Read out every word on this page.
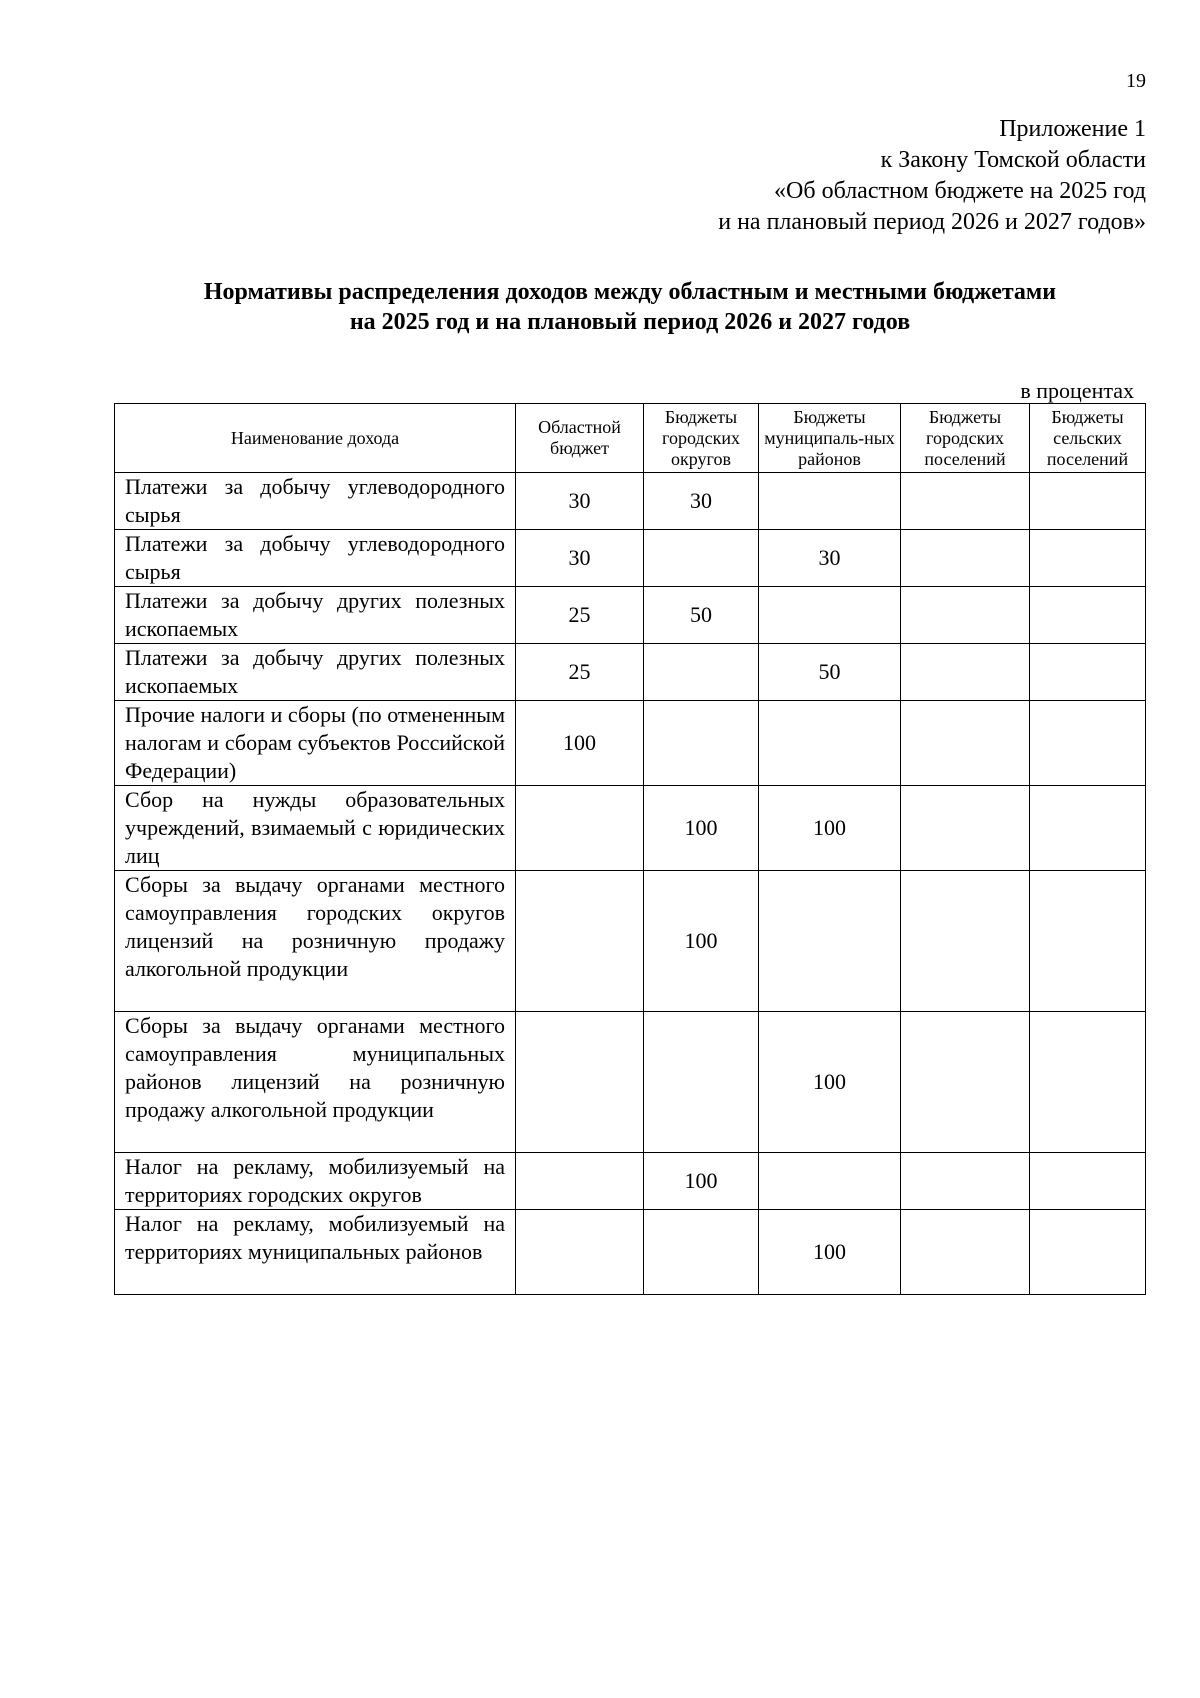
19
Приложение 1
к Закону Томской области
«Об областном бюджете на 2025 год
и на плановый период 2026 и 2027 годов»
Нормативы распределения доходов между областным и местными бюджетами
на 2025 год и на плановый период 2026 и 2027 годов
в процентах
Наименование дохода	Областной бюджет	Бюджеты городских округов	Бюджеты муниципаль-ных районов	Бюджеты городских поселений	Бюджеты сельских поселений
Платежи за добычу углеводородного сырья	30	30			
Платежи за добычу углеводородного сырья	30		30		
Платежи за добычу других полезных ископаемых	25	50			
Платежи за добычу других полезных ископаемых	25		50		
Прочие налоги и сборы (по отмененным налогам и сборам субъектов Российской Федерации)	100				
Сбор на нужды образовательных учреждений, взимаемый с юридических лиц		100	100		
Сборы за выдачу органами местного самоуправления городских округов лицензий на розничную продажу алкогольной продукции		100			
Сборы за выдачу органами местного самоуправления муниципальных районов лицензий на розничную продажу алкогольной продукции			100		
Налог на рекламу, мобилизуемый на территориях городских округов		100			
Налог на рекламу, мобилизуемый на территориях муниципальных районов			100		
